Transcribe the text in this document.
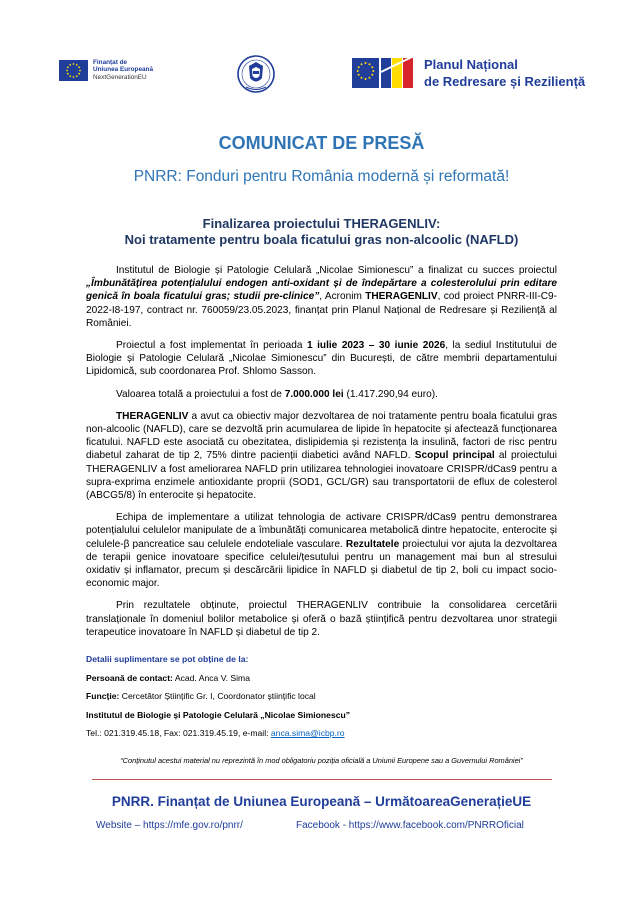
Finanțat de
Uniunea Europeană
NextGenerationEU
Planul Național
de Redresare și Reziliență
COMUNICAT DE PRESĂ
PNRR: Fonduri pentru România modernă și reformată!
Finalizarea proiectului THERAGENLIV:
Noi tratamente pentru boala ficatului gras non-alcoolic (NAFLD)

Institutul de Biologie și Patologie Celulară „Nicolae Simionescu” a finalizat cu succes proiectul „Îmbunătățirea potențialului endogen anti-oxidant și de îndepărtare a colesterolului prin editare genică în boala ficatului gras; studii pre-clinice”, Acronim THERAGENLIV, cod proiect PNRR-III-C9-2022-I8-197, contract nr. 760059/23.05.2023, finanțat prin Planul Național de Redresare și Reziliență al României.

Proiectul a fost implementat în perioada 1 iulie 2023 – 30 iunie 2026, la sediul Institutului de Biologie și Patologie Celulară „Nicolae Simionescu” din București, de către membrii departamentului Lipidomică, sub coordonarea Prof. Shlomo Sasson.

Valoarea totală a proiectului a fost de 7.000.000 lei (1.417.290,94 euro).

THERAGENLIV a avut ca obiectiv major dezvoltarea de noi tratamente pentru boala ficatului gras non-alcoolic (NAFLD), care se dezvoltă prin acumularea de lipide în hepatocite și afectează funcționarea ficatului. NAFLD este asociată cu obezitatea, dislipidemia și rezistența la insulină, factori de risc pentru diabetul zaharat de tip 2, 75% dintre pacienții diabetici având NAFLD. Scopul principal al proiectului THERAGENLIV a fost ameliorarea NAFLD prin utilizarea tehnologiei inovatoare CRISPR/dCas9 pentru a supra-exprima enzimele antioxidante proprii (SOD1, GCL/GR) sau transportatorii de eflux de colesterol (ABCG5/8) în enterocite și hepatocite.

Echipa de implementare a utilizat tehnologia de activare CRISPR/dCas9 pentru demonstrarea potențialului celulelor manipulate de a îmbunătăți comunicarea metabolică dintre hepatocite, enterocite și celulele-β pancreatice sau celulele endoteliale vasculare. Rezultatele proiectului vor ajuta la dezvoltarea de terapii genice inovatoare specifice celulei/țesutului pentru un management mai bun al stresului oxidativ și inflamator, precum și descărcării lipidice în NAFLD și diabetul de tip 2, boli cu impact socio-economic major.

Prin rezultatele obținute, proiectul THERAGENLIV contribuie la consolidarea cercetării translaționale în domeniul bolilor metabolice și oferă o bază științifică pentru dezvoltarea unor strategii terapeutice inovatoare în NAFLD și diabetul de tip 2.

Detalii suplimentare se pot obține de la:
Persoană de contact: Acad. Anca V. Sima
Funcție: Cercetător Științific Gr. I, Coordonator științific local
Institutul de Biologie și Patologie Celulară „Nicolae Simionescu”
Tel.: 021.319.45.18, Fax: 021.319.45.19, e-mail: anca.sima@icbp.ro
“Conținutul acestui material nu reprezintă în mod obligatoriu poziția oficială a Uniunii Europene sau a Guvernului României”
PNRR. Finanțat de Uniunea Europeană – UrmătoareaGenerațieUE
Website – https://mfe.gov.ro/pnrr/	Facebook - https://www.facebook.com/PNRROficial
